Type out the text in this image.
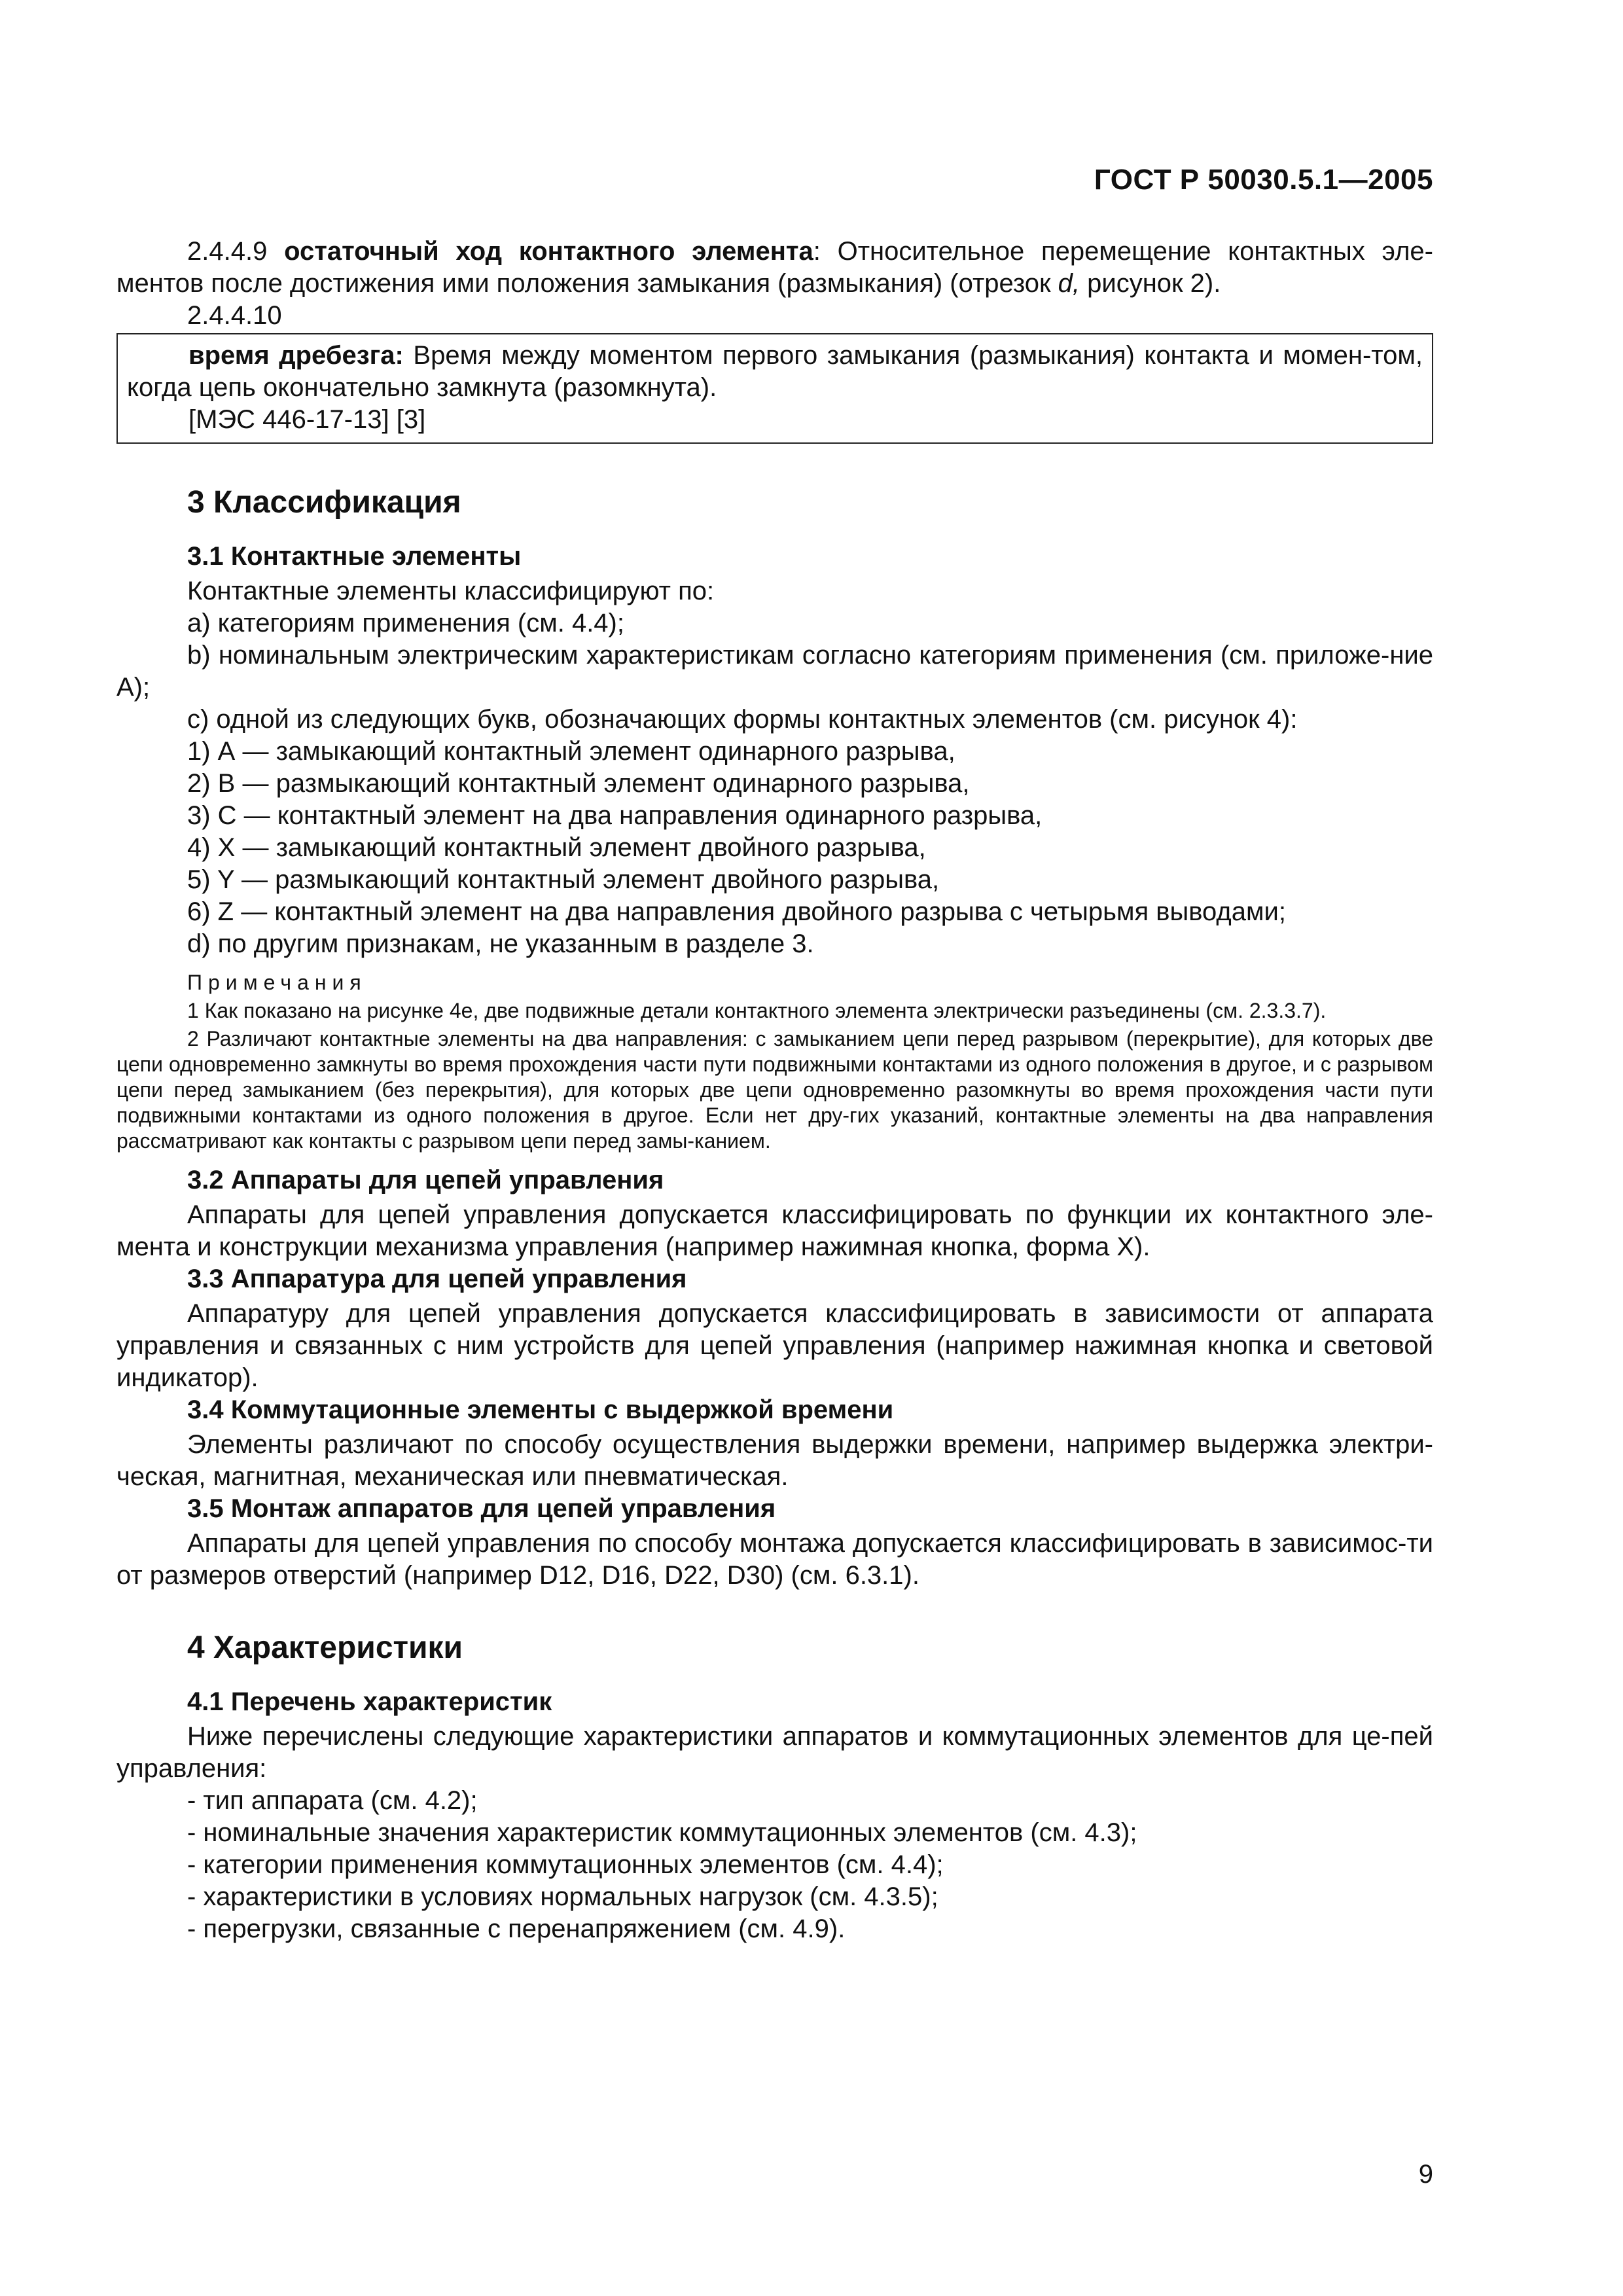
ГОСТ Р 50030.5.1—2005

2.4.4.9 остаточный ход контактного элемента: Относительное перемещение контактных эле-ментов после достижения ими положения замыкания (размыкания) (отрезок d, рисунок 2).

2.4.4.10

время дребезга: Время между моментом первого замыкания (размыкания) контакта и момен-том, когда цепь окончательно замкнута (разомкнута).

[МЭС 446-17-13] [3]

3 Классификация
3.1 Контактные элементы

Контактные элементы классифицируют по:

a) категориям применения (см. 4.4);

b) номинальным электрическим характеристикам согласно категориям применения (см. приложе-ние А);

c) одной из следующих букв, обозначающих формы контактных элементов (см. рисунок 4):

1) А — замыкающий контактный элемент одинарного разрыва,

2) В — размыкающий контактный элемент одинарного разрыва,

3) С — контактный элемент на два направления одинарного разрыва,

4) X — замыкающий контактный элемент двойного разрыва,

5) Y — размыкающий контактный элемент двойного разрыва,

6) Z — контактный элемент на два направления двойного разрыва с четырьмя выводами;

d) по другим признакам, не указанным в разделе 3.

Примечания

1 Как показано на рисунке 4е, две подвижные детали контактного элемента электрически разъединены (см. 2.3.3.7).

2 Различают контактные элементы на два направления: с замыканием цепи перед разрывом (перекрытие), для которых две цепи одновременно замкнуты во время прохождения части пути подвижными контактами из одного положения в другое, и с разрывом цепи перед замыканием (без перекрытия), для которых две цепи одновременно разомкнуты во время прохождения части пути подвижными контактами из одного положения в другое. Если нет дру-гих указаний, контактные элементы на два направления рассматривают как контакты с разрывом цепи перед замы-канием.

3.2 Аппараты для цепей управления

Аппараты для цепей управления допускается классифицировать по функции их контактного эле-мента и конструкции механизма управления (например нажимная кнопка, форма X).

3.3 Аппаратура для цепей управления

Аппаратуру для цепей управления допускается классифицировать в зависимости от аппарата управления и связанных с ним устройств для цепей управления (например нажимная кнопка и световой индикатор).

3.4 Коммутационные элементы с выдержкой времени

Элементы различают по способу осуществления выдержки времени, например выдержка электри-ческая, магнитная, механическая или пневматическая.

3.5 Монтаж аппаратов для цепей управления

Аппараты для цепей управления по способу монтажа допускается классифицировать в зависимос-ти от размеров отверстий (например D12, D16, D22, D30) (см. 6.3.1).

4 Характеристики
4.1 Перечень характеристик

Ниже перечислены следующие характеристики аппаратов и коммутационных элементов для це-пей управления:

- тип аппарата (см. 4.2);

- номинальные значения характеристик коммутационных элементов (см. 4.3);

- категории применения коммутационных элементов (см. 4.4);

- характеристики в условиях нормальных нагрузок (см. 4.3.5);

- перегрузки, связанные с перенапряжением (см. 4.9).

9
